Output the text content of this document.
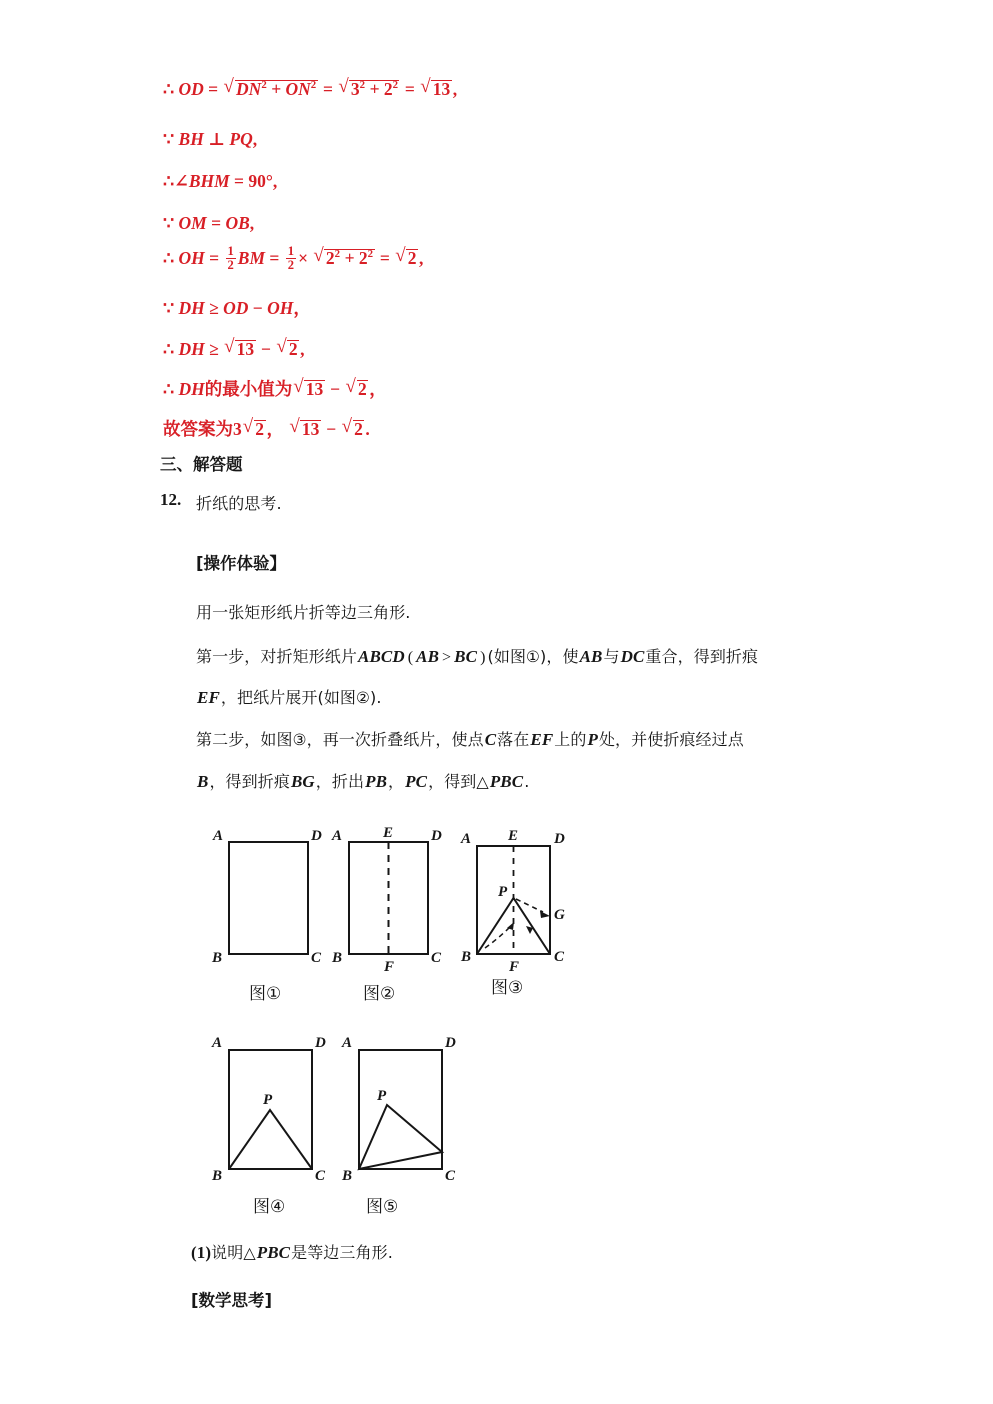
∴ OD = √ $DN^2 + ON^2$ = √ $3^2 + 2^2$ = √ 13 ,
∵ BH ⊥ PQ,
∴∠BHM = 90°,
∵ OM = OB,
∴ OH = $\frac{1}{2}$ BM = $\frac{1}{2}$ × √ $2^2 + 2^2$ = √ 2 ,
∵ DH ≥ OD − OH，
∴ DH ≥ √ 13 − √ 2 ,
∴ DH的最小值为 √ 13 − √ 2 ，
故答案为3 √ 2 ， √ 13 − √ 2 .
三、解答题
12. 折纸的思考.
[操作体验】
用一张矩形纸片折等边三角形.
第一步，对折矩形纸片ABCD ( AB > BC ) (如图①)，使AB与DC重合，得到折痕
EF，把纸片展开(如图②).
第二步，如图③，再一次折叠纸片，使点C落在EF上的P处，并使折痕经过点
B，得到折痕BG，折出PB，PC，得到△PBC.
A	D
B	C
图①
A	E	D
B
F
C
图②
A E D
P
G
B
F
C
图③
A	D
P
B	C
图④
A	D
P
B	C
图⑤
(1)说明△PBC是等边三角形.
[数学思考]
